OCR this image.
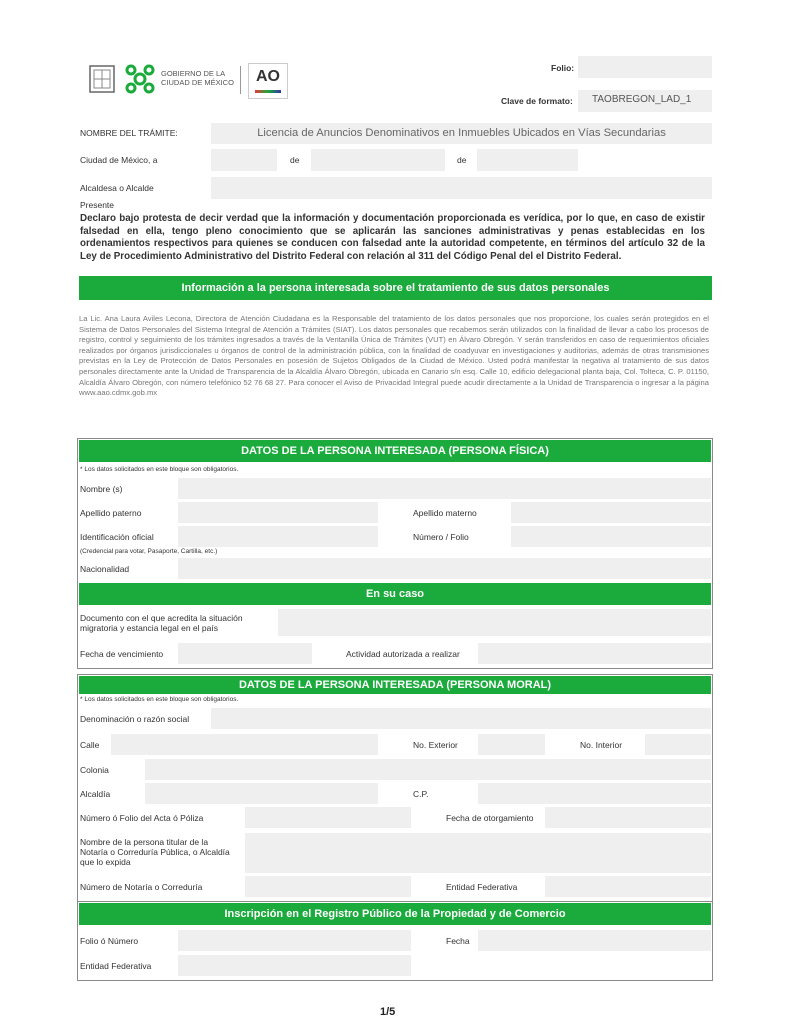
GOBIERNO DE LA
CIUDAD DE MÉXICO	AO	Folio:
Clave de formato:	TAOBREGON_LAD_1
NOMBRE DEL TRÁMITE:	Licencia de Anuncios Denominativos en Inmuebles Ubicados en Vías Secundarias
Ciudad de México, a	de	de
Alcaldesa o Alcalde
Presente
Declaro bajo protesta de decir verdad que la información y documentación proporcionada es verídica, por lo que, en caso de existir falsedad en ella, tengo pleno conocimiento que se aplicarán las sanciones administrativas y penas establecidas en los ordenamientos respectivos para quienes se conducen con falsedad ante la autoridad competente, en términos del artículo 32 de la Ley de Procedimiento Administrativo del Distrito Federal con relación al 311 del Código Penal del el Distrito Federal.
Información a la persona interesada sobre el tratamiento de sus datos personales
La Lic. Ana Laura Aviles Lecona, Directora de Atención Ciudadana es la Responsable del tratamiento de los datos personales que nos proporcione, los cuales serán protegidos en el Sistema de Datos Personales del Sistema Integral de Atención a Trámites (SIAT). Los datos personales que recabemos serán utilizados con la finalidad de llevar a cabo los procesos de registro, control y seguimiento de los trámites ingresados a través de la Ventanilla Única de Trámites (VUT) en Álvaro Obregón. Y serán transferidos en caso de requerimientos oficiales realizados por órganos jurisdiccionales u órganos de control de la administración pública, con la finalidad de coadyuvar en investigaciones y auditorias, además de otras transmisiones previstas en la Ley de Protección de Datos Personales en posesión de Sujetos Obligados de la Ciudad de México. Usted podrá manifestar la negativa al tratamiento de sus datos personales directamente ante la Unidad de Transparencia de la Alcaldía Álvaro Obregón, ubicada en Canario s/n esq. Calle 10, edificio delegacional planta baja, Col. Tolteca, C. P. 01150, Alcaldía Álvaro Obregón, con número telefónico 52 76 68 27. Para conocer el Aviso de Privacidad Integral puede acudir directamente a la Unidad de Transparencia o ingresar a la página www.aao.cdmx.gob.mx
DATOS DE LA PERSONA INTERESADA (PERSONA FÍSICA)
* Los datos solicitados en este bloque son obligatorios.
Nombre (s)
Apellido paterno	Apellido materno
Identificación oficial	Número / Folio
(Credencial para votar, Pasaporte, Cartilla, etc.)
Nacionalidad
En su caso
Documento con el que acredita la situación migratoria y estancia legal en el país
Fecha de vencimiento	Actividad autorizada a realizar
DATOS DE LA PERSONA INTERESADA (PERSONA MORAL)
* Los datos solicitados en este bloque son obligatorios.
Denominación o razón social
Calle	No. Exterior	No. Interior
Colonia
Alcaldía	C.P.
Número ó Folio del Acta ó Póliza	Fecha de otorgamiento
Nombre de la persona titular de la Notaría o Correduría Pública, o Alcaldía que lo expida
Número de Notaría o Correduría	Entidad Federativa
Inscripción en el Registro Público de la Propiedad y de Comercio
Folio ó Número	Fecha
Entidad Federativa
1/5
